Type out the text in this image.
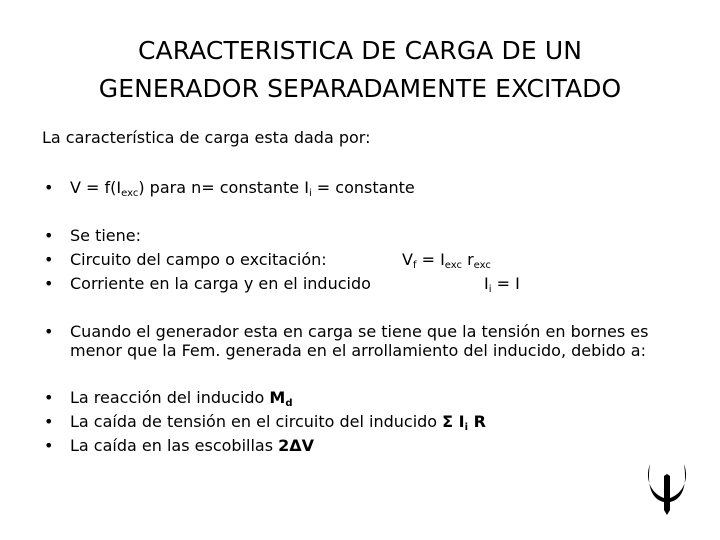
CARACTERISTICA DE CARGA DE UN
GENERADOR SEPARADAMENTE EXCITADO
La característica de carga esta dada por:
• $V = f(I_{exc})$ para n= constante $I_i$ = constante
• Se tiene:
• Circuito del campo o excitación:
• Corriente en la carga y en el inducido
$V_f = I_{exc}$ $r_{exc}$
$I_i = I$
• Cuando el generador esta en carga se tiene que la tensión en bornes es menor que la Fem. generada en el arrollamiento del inducido, debido a:
• La reacción del inducido $M_d$
• La caída de tensión en el circuito del inducido Σ $I_i$ R
• La caída en las escobillas 2ΔV
